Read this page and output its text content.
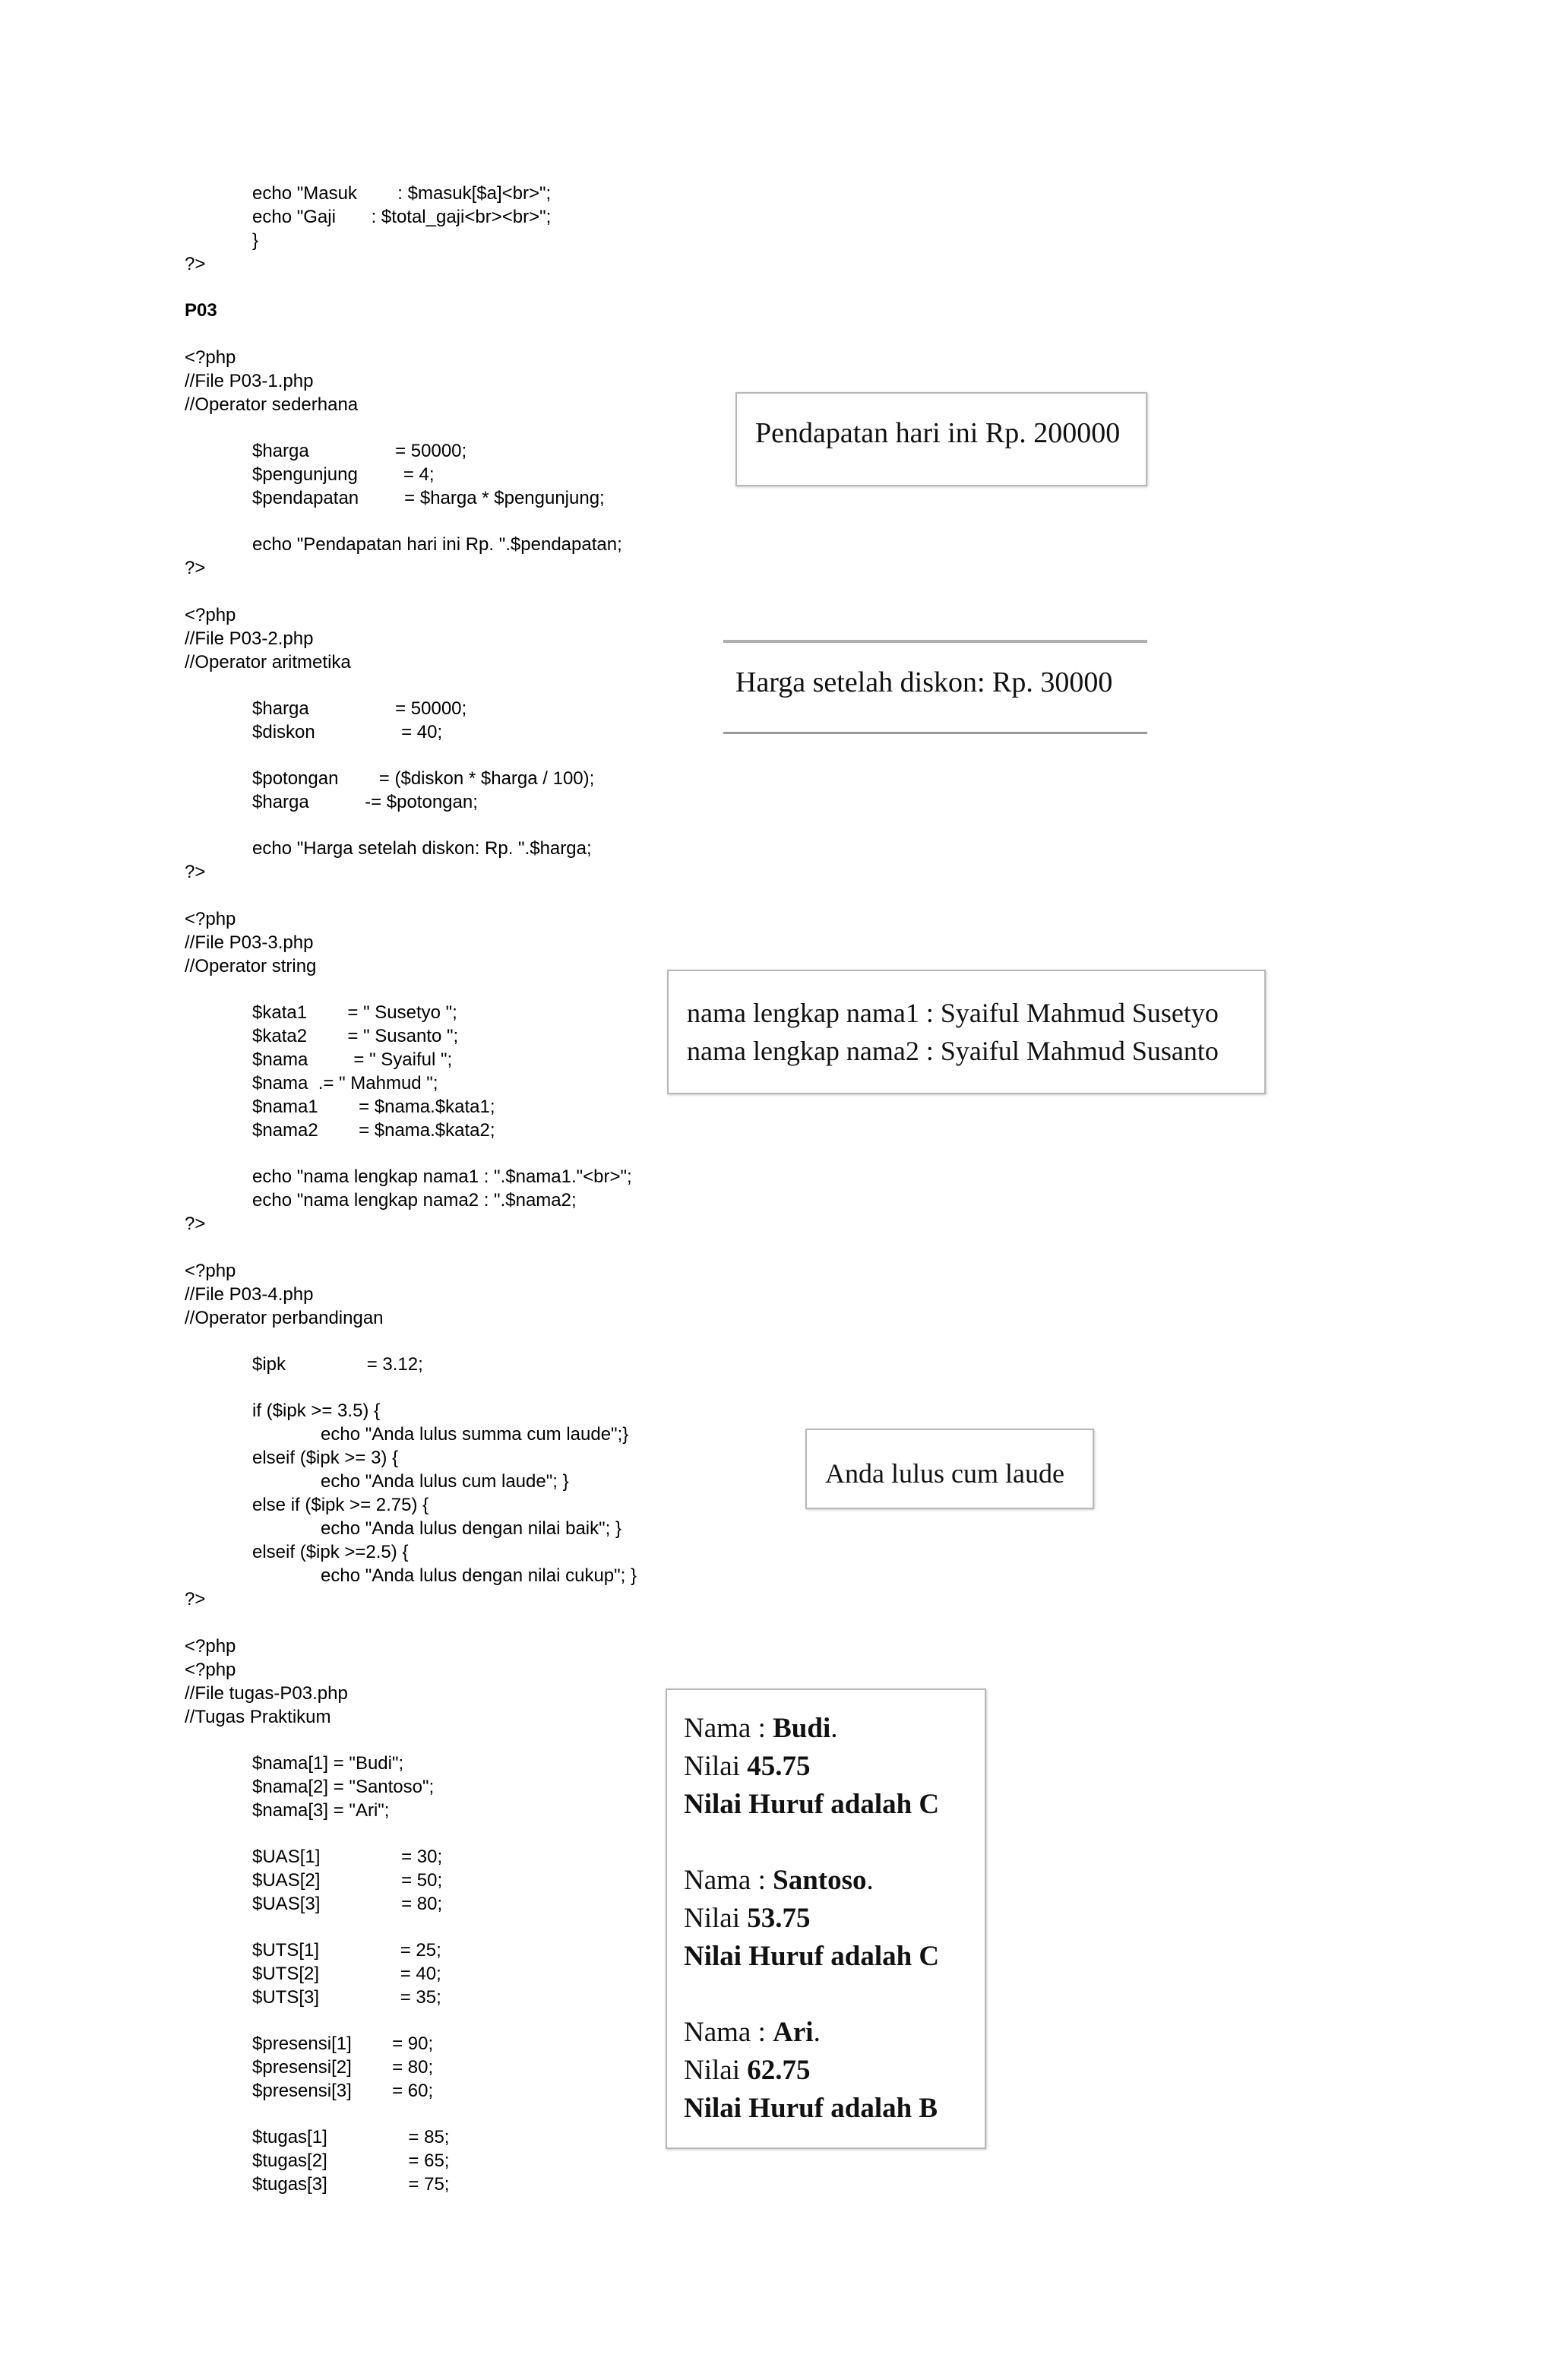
echo "Masuk        : $masuk[$a]<br>";
echo "Gaji       : $total_gaji<br><br>";
}
?>
P03
<?php
//File P03-1.php
//Operator sederhana
$harga                 = 50000;
$pengunjung         = 4;
$pendapatan         = $harga * $pengunjung;
echo "Pendapatan hari ini Rp. ".$pendapatan;
?>
<?php
//File P03-2.php
//Operator aritmetika
$harga                 = 50000;
$diskon                 = 40;
$potongan        = ($diskon * $harga / 100);
$harga           -= $potongan;
echo "Harga setelah diskon: Rp. ".$harga;
?>
<?php
//File P03-3.php
//Operator string
$kata1        = " Susetyo ";
$kata2        = " Susanto ";
$nama         = " Syaiful ";
$nama  .= " Mahmud ";
$nama1        = $nama.$kata1;
$nama2        = $nama.$kata2;
echo "nama lengkap nama1 : ".$nama1."<br>";
echo "nama lengkap nama2 : ".$nama2;
?>
<?php
//File P03-4.php
//Operator perbandingan
$ipk                = 3.12;
if ($ipk >= 3.5) {
echo "Anda lulus summa cum laude";}
elseif ($ipk >= 3) {
echo "Anda lulus cum laude"; }
else if ($ipk >= 2.75) {
echo "Anda lulus dengan nilai baik"; }
elseif ($ipk >=2.5) {
echo "Anda lulus dengan nilai cukup"; }
?>
<?php
<?php
//File tugas-P03.php
//Tugas Praktikum
$nama[1] = "Budi";
$nama[2] = "Santoso";
$nama[3] = "Ari";
$UAS[1]                = 30;
$UAS[2]                = 50;
$UAS[3]                = 80;
$UTS[1]                = 25;
$UTS[2]                = 40;
$UTS[3]                = 35;
$presensi[1]        = 90;
$presensi[2]        = 80;
$presensi[3]        = 60;
$tugas[1]                = 85;
$tugas[2]                = 65;
$tugas[3]                = 75;
Pendapatan hari ini Rp. 200000
Harga setelah diskon: Rp. 30000
nama lengkap nama1 : Syaiful Mahmud Susetyo
nama lengkap nama2 : Syaiful Mahmud Susanto
Anda lulus cum laude
Nama : Budi.
Nilai 45.75
Nilai Huruf adalah C
Nama : Santoso.
Nilai 53.75
Nilai Huruf adalah C
Nama : Ari.
Nilai 62.75
Nilai Huruf adalah B
